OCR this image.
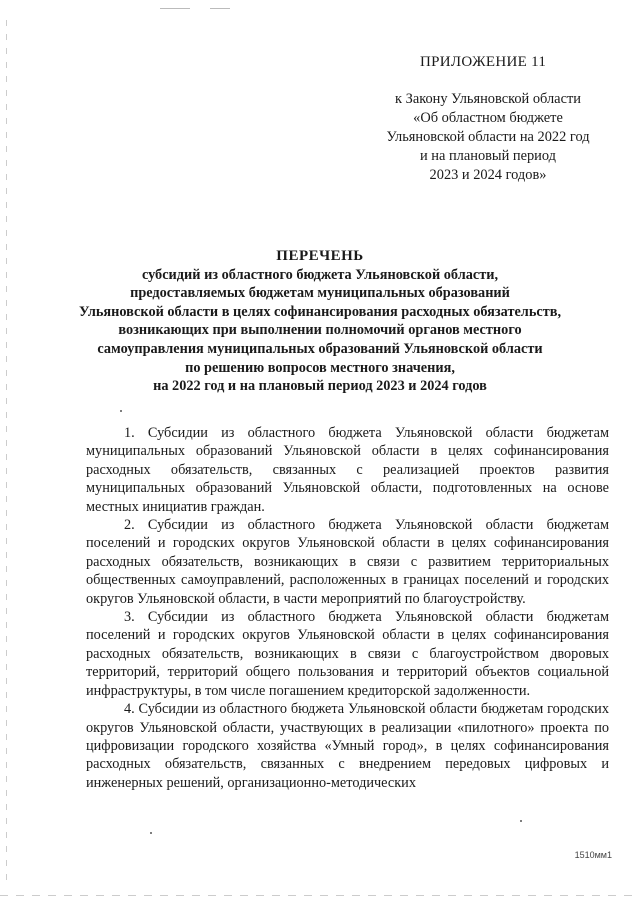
ПРИЛОЖЕНИЕ 11
к Закону Ульяновской области
«Об областном бюджете
Ульяновской области на 2022 год
и на плановый период
2023 и 2024 годов»
ПЕРЕЧЕНЬ
субсидий из областного бюджета Ульяновской области,
предоставляемых бюджетам муниципальных образований
Ульяновской области в целях софинансирования расходных обязательств,
возникающих при выполнении полномочий органов местного
самоуправления муниципальных образований Ульяновской области
по решению вопросов местного значения,
на 2022 год и на плановый период 2023 и 2024 годов

1. Субсидии из областного бюджета Ульяновской области бюджетам муниципальных образований Ульяновской области в целях софинансирования расходных обязательств, связанных с реализацией проектов развития муниципальных образований Ульяновской области, подготовленных на основе местных инициатив граждан.

2. Субсидии из областного бюджета Ульяновской области бюджетам поселений и городских округов Ульяновской области в целях софинансирования расходных обязательств, возникающих в связи с развитием территориальных общественных самоуправлений, расположенных в границах поселений и городских округов Ульяновской области, в части мероприятий по благоустройству.

3. Субсидии из областного бюджета Ульяновской области бюджетам поселений и городских округов Ульяновской области в целях софинансирования расходных обязательств, возникающих в связи с благоустройством дворовых территорий, территорий общего пользования и территорий объектов социальной инфраструктуры, в том числе погашением кредиторской задолженности.

4. Субсидии из областного бюджета Ульяновской области бюджетам городских округов Ульяновской области, участвующих в реализации «пилотного» проекта по цифровизации городского хозяйства «Умный город», в целях софинансирования расходных обязательств, связанных с внедрением передовых цифровых и инженерных решений, организационно-методических

1510мм1
